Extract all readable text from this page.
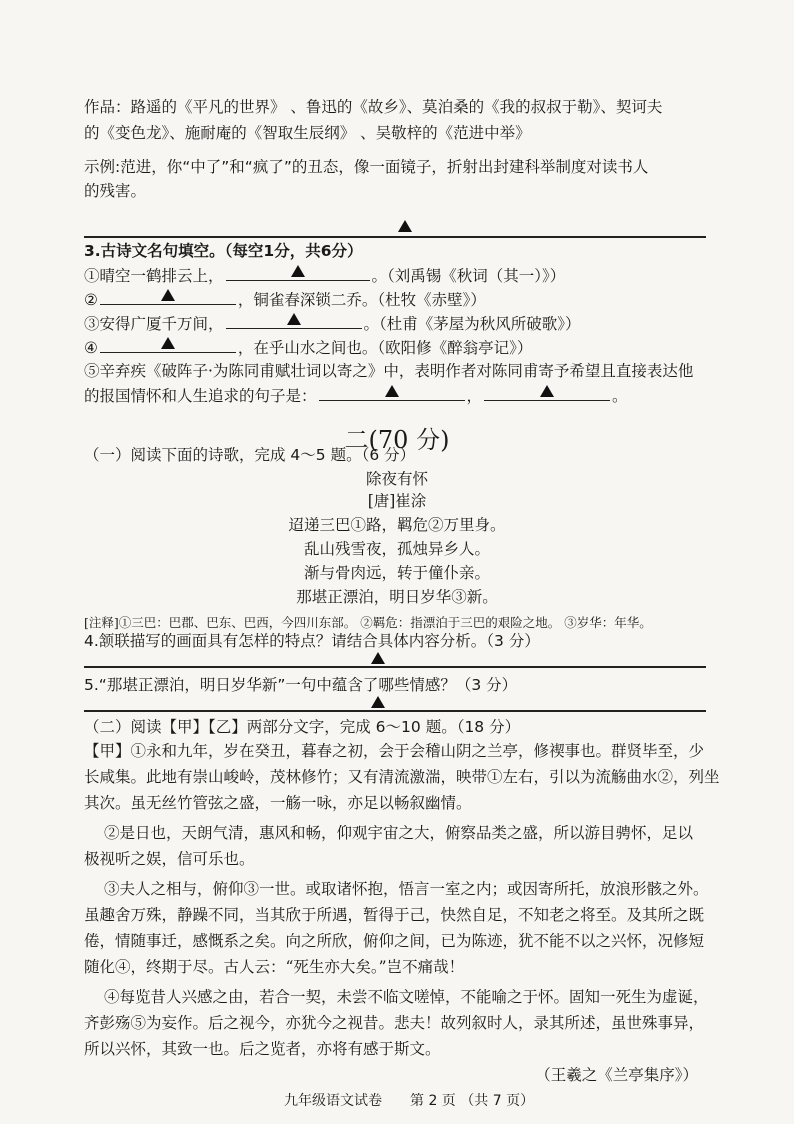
作品：路遥的《平凡的世界》 、鲁迅的《故乡》、莫泊桑的《我的叔叔于勒》、契诃夫
的《变色龙》、施耐庵的《智取生辰纲》 、吴敬梓的《范进中举》
示例:范进，你“中了”和“疯了”的丑态，像一面镜子，折射出封建科举制度对读书人
的残害。
3.古诗文名句填空。（每空1分，共6分）
①晴空一鹤排云上，	。（刘禹锡《秋词（其一）》）
②	，铜雀春深锁二乔。（杜牧《赤壁》）
③安得广厦千万间，	。（杜甫《茅屋为秋风所破歌》）
④	，在乎山水之间也。（欧阳修《醉翁亭记》）
⑤辛弃疾《破阵子·为陈同甫赋壮词以寄之》中，表明作者对陈同甫寄予希望且直接表达他
的报国情怀和人生追求的句子是：	，	。
二(70 分)
（一）阅读下面的诗歌，完成 4～5 题。（6 分）
除夜有怀
[唐]崔涂
迢递三巴①路，羁危②万里身。
乱山残雪夜，孤烛异乡人。
渐与骨肉远，转于僮仆亲。
那堪正漂泊，明日岁华③新。
[注释]①三巴：巴郡、巴东、巴西，今四川东部。 ②羁危：指漂泊于三巴的艰险之地。 ③岁华：年华。
4.颔联描写的画面具有怎样的特点？请结合具体内容分析。（3 分）
5.“那堪正漂泊，明日岁华新”一句中蕴含了哪些情感？（3 分）
（二）阅读【甲】【乙】两部分文字，完成 6～10 题。（18 分）
【甲】①永和九年，岁在癸丑，暮春之初，会于会稽山阴之兰亭，修禊事也。群贤毕至，少
长咸集。此地有崇山峻岭，茂林修竹；又有清流激湍，映带①左右，引以为流觞曲水②，列坐
其次。虽无丝竹管弦之盛，一觞一咏，亦足以畅叙幽情。
②是日也，天朗气清，惠风和畅，仰观宇宙之大，俯察品类之盛，所以游目骋怀，足以
极视听之娱，信可乐也。
③夫人之相与，俯仰③一世。或取诸怀抱，悟言一室之内；或因寄所托，放浪形骸之外。
虽趣舍万殊，静躁不同，当其欣于所遇，暂得于己，快然自足，不知老之将至。及其所之既
倦，情随事迁，感慨系之矣。向之所欣，俯仰之间，已为陈迹，犹不能不以之兴怀，况修短
随化④，终期于尽。古人云：“死生亦大矣。”岂不痛哉！
④每览昔人兴感之由，若合一契，未尝不临文嗟悼，不能喻之于怀。固知一死生为虚诞，
齐彭殇⑤为妄作。后之视今，亦犹今之视昔。悲夫！故列叙时人，录其所述，虽世殊事异，
所以兴怀，其致一也。后之览者，亦将有感于斯文。
（王羲之《兰亭集序》）
九年级语文试卷 第 2 页 （共 7 页）
